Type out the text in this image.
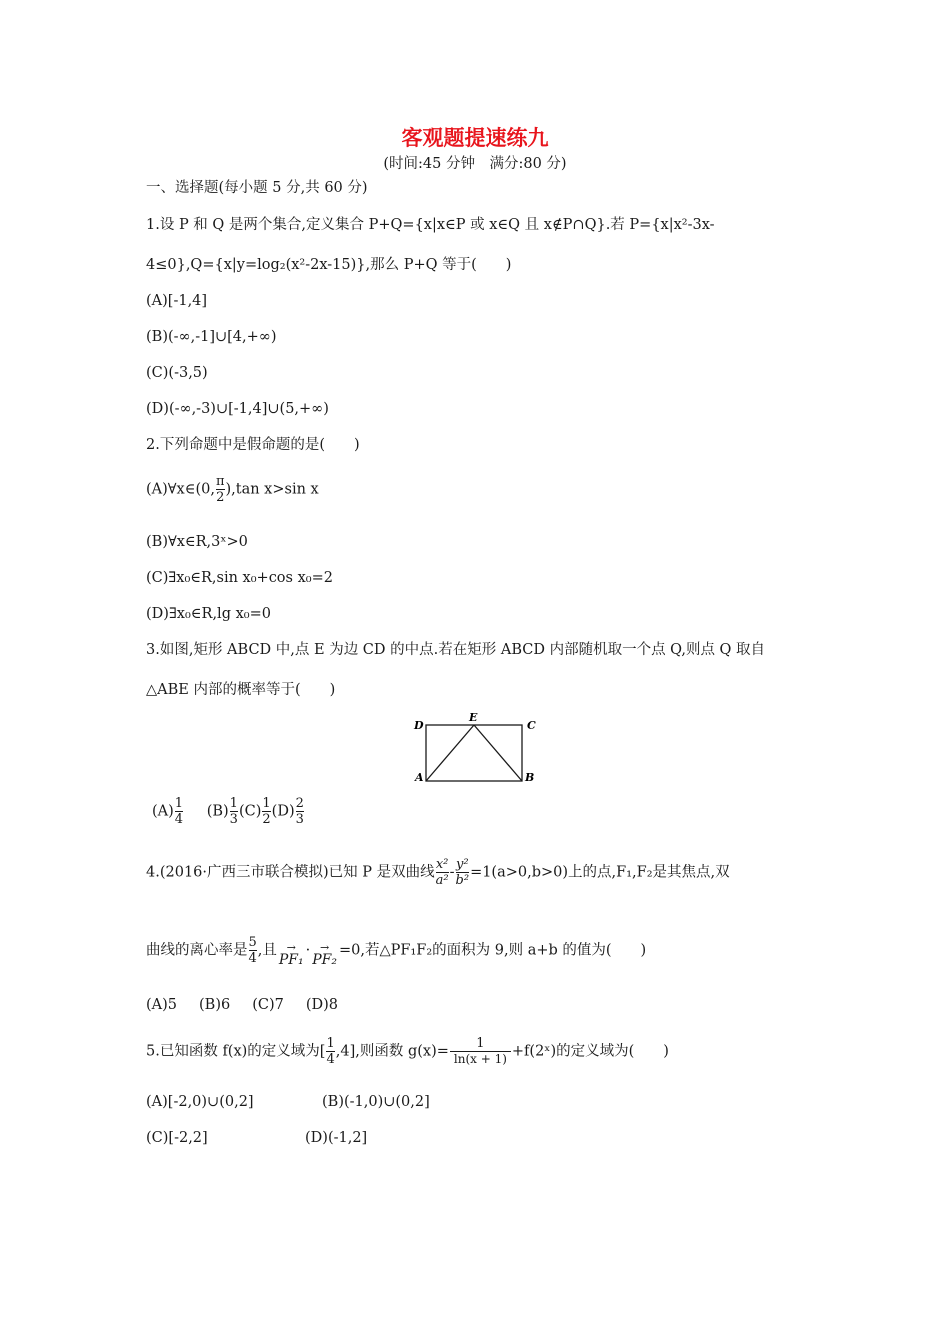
客观题提速练九
(时间:45 分钟　满分:80 分)
一、选择题(每小题 5 分,共 60 分)
1.设 P 和 Q 是两个集合,定义集合 P+Q={x|x∈P 或 x∈Q 且 x∉P∩Q}.若 P={x|x²-3x-
4≤0},Q={x|y=log₂(x²-2x-15)},那么 P+Q 等于(　　)
(A)[-1,4]
(B)(-∞,-1]∪[4,+∞)
(C)(-3,5)
(D)(-∞,-3)∪[-1,4]∪(5,+∞)
2.下列命题中是假命题的是(　　)
(A)∀x∈(0, $\frac{\pi}{2} ),\tan$ x>sin x
(B)∀x∈R,3ˣ>0
(C)∃x₀∈R,sin x₀+cos x₀=2
(D)∃x₀∈R,lg x₀=0
3.如图,矩形 ABCD 中,点 E 为边 CD 的中点.若在矩形 ABCD 内部随机取一个点 Q,则点 Q 取自
△ABE 内部的概率等于(　　)
D
E
C
A	B
$(A) \frac{1}{4} (B) \frac{1}{3} (C) \frac{1}{2} (D) \frac{2}{3}$
4.(2016·广西三市联合模拟)已知 P 是双曲线 $\frac{\text{x²}}{\text{a²}} - \frac{\text{y²}}{\text{b²}} =1(a>0,b>0)$上的点,F₁,F₂是其焦点,双
曲线的离心率是 $\frac{5}{4}$ ,且 →
PF₁
· →
PF₂
=0,若△PF₁F₂的面积为 9,则 a+b 的值为(　　)
(A)5 (B)6 (C)7 (D)8
5.已知函数 f(x)的定义域为[ $\frac{1}{4} ,4$],则函数 $g(x)= \frac{1}{\ln(x + 1)}$ +f(2ˣ)的定义域为(　　)
(A)[-2,0)∪(0,2]	(B)(-1,0)∪(0,2]
(C)[-2,2]	(D)(-1,2]
